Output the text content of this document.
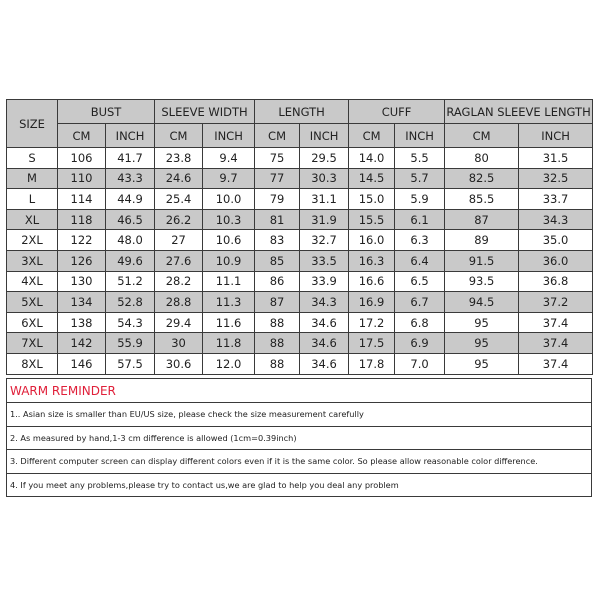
SIZE	BUST		SLEEVE WIDTH		LENGTH		CUFF		RAGLAN SLEEVE LENGTH	
	CM	INCH	CM	INCH	CM	INCH	CM	INCH	CM	INCH
S	106	41.7	23.8	9.4	75	29.5	14.0	5.5	80	31.5
M	110	43.3	24.6	9.7	77	30.3	14.5	5.7	82.5	32.5
L	114	44.9	25.4	10.0	79	31.1	15.0	5.9	85.5	33.7
XL	118	46.5	26.2	10.3	81	31.9	15.5	6.1	87	34.3
2XL	122	48.0	27	10.6	83	32.7	16.0	6.3	89	35.0
3XL	126	49.6	27.6	10.9	85	33.5	16.3	6.4	91.5	36.0
4XL	130	51.2	28.2	11.1	86	33.9	16.6	6.5	93.5	36.8
5XL	134	52.8	28.8	11.3	87	34.3	16.9	6.7	94.5	37.2
6XL	138	54.3	29.4	11.6	88	34.6	17.2	6.8	95	37.4
7XL	142	55.9	30	11.8	88	34.6	17.5	6.9	95	37.4
8XL	146	57.5	30.6	12.0	88	34.6	17.8	7.0	95	37.4
WARM REMINDER
1.. Asian size is smaller than EU/US size, please check the size measurement carefully
2. As measured by hand,1-3 cm difference is allowed (1cm=0.39inch)
3. Different computer screen can display different colors even if it is the same color. So please allow reasonable color difference.
4. If you meet any problems,please try to contact us,we are glad to help you deal any problem
